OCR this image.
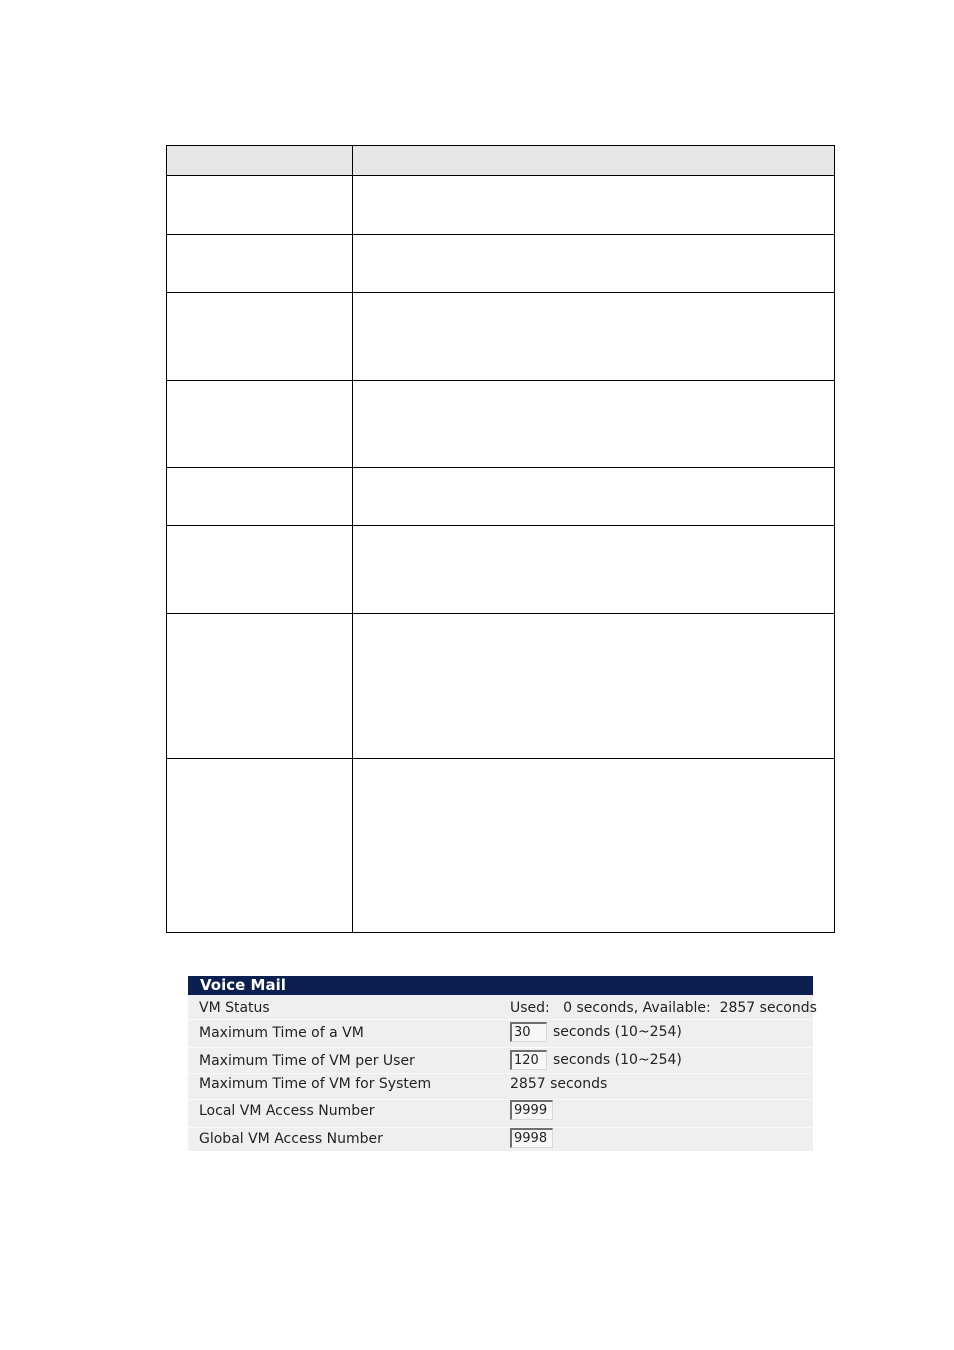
Voice Mail
VM Status	Used:   0 seconds, Available:  2857 seconds
Maximum Time of a VM	30	seconds (10~254)
Maximum Time of VM per User	120	seconds (10~254)
Maximum Time of VM for System	2857 seconds
Local VM Access Number	9999
Global VM Access Number	9998
